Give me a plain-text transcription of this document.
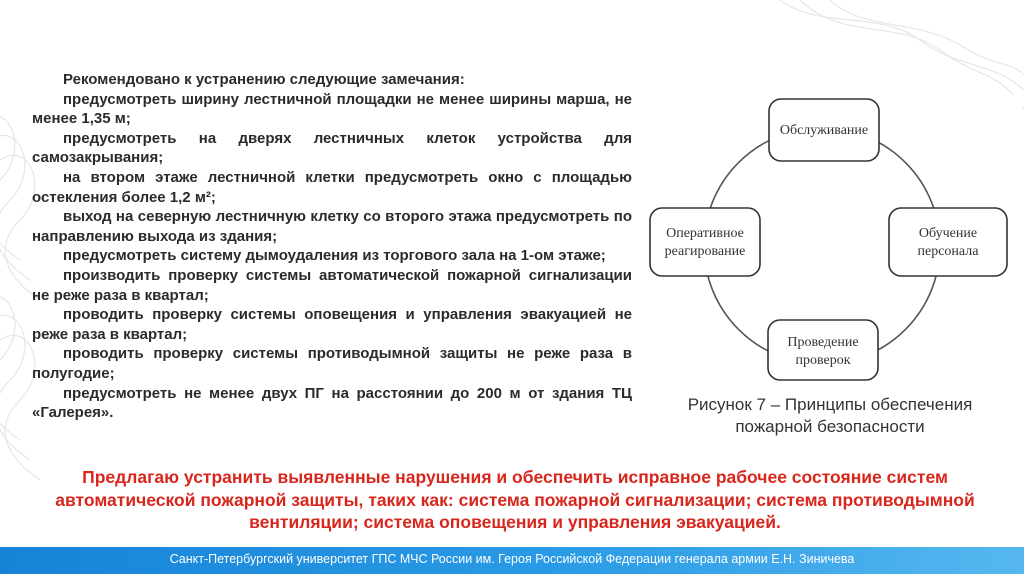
Рекомендовано к устранению следующие замечания:

предусмотреть ширину лестничной площадки не менее ширины марша, не менее 1,35 м;

предусмотреть на дверях лестничных клеток устройства для самозакрывания;

на втором этаже лестничной клетки предусмотреть окно с площадью остекления более 1,2 м²;

выход на северную лестничную клетку со второго этажа предусмотреть по направлению выхода из здания;

предусмотреть систему дымоудаления из торгового зала на 1-ом этаже;

производить проверку системы автоматической пожарной сигнализации не реже раза в квартал;

проводить проверку системы оповещения и управления эвакуацией не реже раза в квартал;

проводить проверку системы противодымной защиты не реже раза в полугодие;

предусмотреть не менее двух ПГ на расстоянии до 200 м от здания ТЦ «Галерея».

Обслуживание
Оперативное реагирование
Обучение персонала
Проведение проверок
Рисунок 7 – Принципы обеспечения
пожарной безопасности
Предлагаю устранить выявленные нарушения и обеспечить исправное рабочее состояние систем автоматической пожарной защиты, таких как: система пожарной сигнализации; система противодымной вентиляции; система оповещения и управления эвакуацией.
Санкт-Петербургский университет ГПС МЧС России им. Героя Российской Федерации генерала армии Е.Н. Зиничева
